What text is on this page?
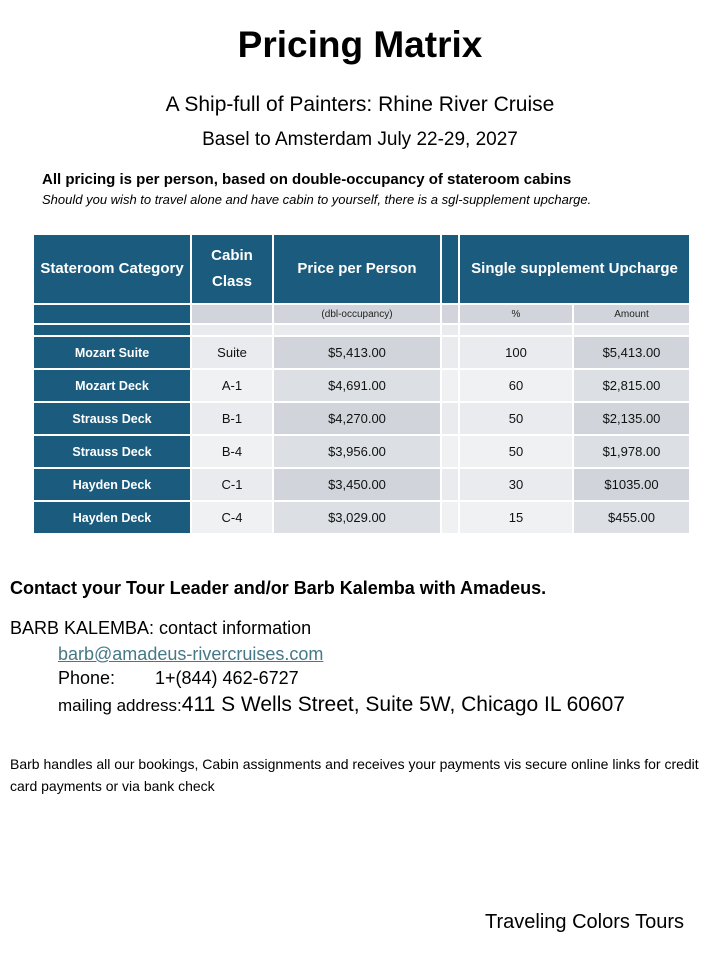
Pricing Matrix
A Ship-full of Painters: Rhine River Cruise
Basel to Amsterdam July 22-29, 2027
All pricing is per person, based on double-occupancy of stateroom cabins
Should you wish to travel alone and have cabin to yourself, there is a sgl-supplement upcharge.
Stateroom Category	Cabin Class	Price per Person		Single supplement Upcharge	
		(dbl-occupancy)		%	Amount

Mozart Suite	Suite	$5,413.00		100	$5,413.00
Mozart Deck	A-1	$4,691.00		60	$2,815.00
Strauss Deck	B-1	$4,270.00		50	$2,135.00
Strauss Deck	B-4	$3,956.00		50	$1,978.00
Hayden Deck	C-1	$3,450.00		30	$1035.00
Hayden Deck	C-4	$3,029.00		15	$455.00
Contact your Tour Leader and/or Barb Kalemba with Amadeus.
BARB KALEMBA: contact information
barb@amadeus-rivercruises.com
Phone: 1+(844) 462-6727
mailing address:411 S Wells Street, Suite 5W, Chicago IL 60607
Barb handles all our bookings, Cabin assignments and receives your payments vis secure online links for credit card payments or via bank check
Traveling Colors Tours
